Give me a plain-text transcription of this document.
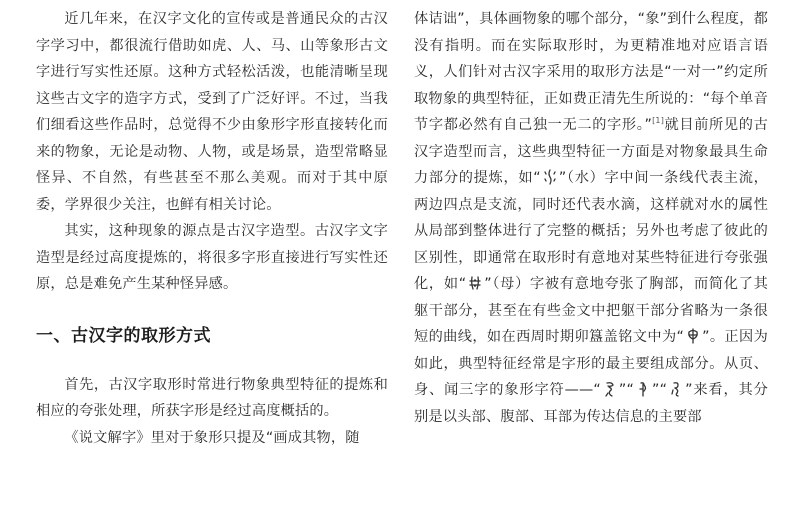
近几年来，在汉字文化的宣传或是普通民众的古汉字学习中，都很流行借助如虎、人、马、山等象形古文字进行写实性还原。这种方式轻松活泼，也能清晰呈现这些古文字的造字方式，受到了广泛好评。不过，当我们细看这些作品时，总觉得不少由象形字形直接转化而来的物象，无论是动物、人物，或是场景，造型常略显怪异、不自然，有些甚至不那么美观。而对于其中原委，学界很少关注，也鲜有相关讨论。

其实，这种现象的源点是古汉字造型。古汉字文字造型是经过高度提炼的，将很多字形直接进行写实性还原，总是难免产生某种怪异感。

一、古汉字的取形方式

首先，古汉字取形时常进行物象典型特征的提炼和相应的夸张处理，所获字形是经过高度概括的。

《说文解字》里对于象形只提及“画成其物，随

体诘诎”，具体画物象的哪个部分，“象”到什么程度，都没有指明。而在实际取形时，为更精准地对应语言语义，人们针对古汉字采用的取形方法是“一对一”约定所取物象的典型特征，正如费正清先生所说的：“每个单音节字都必然有自己独一无二的字形。”[1]就目前所见的古汉字造型而言，这些典型特征一方面是对物象最具生命力部分的提炼，如“ ”（水）字中间一条线代表主流，两边四点是支流，同时还代表水滴，这样就对水的属性从局部到整体进行了完整的概括；另外也考虑了彼此的区别性，即通常在取形时有意地对某些特征进行夸张强化，如“ ”（母）字被有意地夸张了胸部，而简化了其躯干部分，甚至在有些金文中把躯干部分省略为一条很短的曲线，如在西周时期卯簋盖铭文中为“ ”。正因为如此，典型特征经常是字形的最主要组成部分。从页、身、闻三字的象形字符——“ ”“ ”“ ”来看，其分别是以头部、腹部、耳部为传达信息的主要部
